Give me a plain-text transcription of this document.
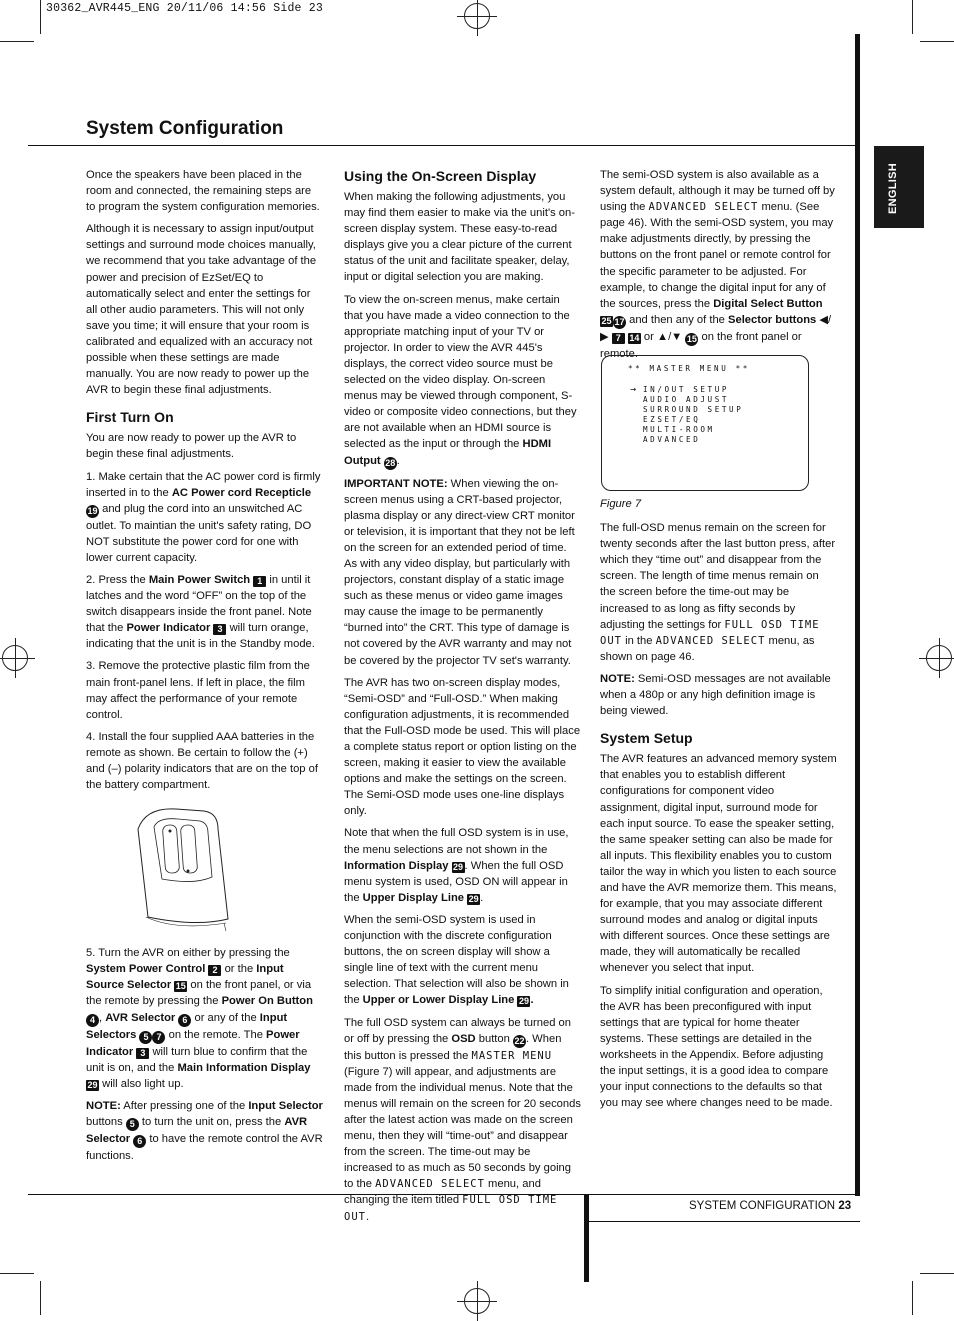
30362_AVR445_ENG 20/11/06 14:56 Side 23
System Configuration
ENGLISH

Once the speakers have been placed in the room and connected, the remaining steps are to program the system configuration memories.

Although it is necessary to assign input/output settings and surround mode choices manually, we recommend that you take advantage of the power and precision of EzSet/EQ to automatically select and enter the settings for all other audio parameters. This will not only save you time; it will ensure that your room is calibrated and equalized with an accuracy not possible when these settings are made manually. You are now ready to power up the AVR to begin these final adjustments.

First Turn On

You are now ready to power up the AVR to begin these final adjustments.

1. Make certain that the AC power cord is firmly inserted in to the AC Power cord Recepticle 19 and plug the cord into an unswitched AC outlet. To maintian the unit's safety rating, DO NOT substitute the power cord for one with lower current capacity.

2. Press the Main Power Switch 1 in until it latches and the word “OFF” on the top of the switch disappears inside the front panel. Note that the Power Indicator 3 will turn orange, indicating that the unit is in the Standby mode.

3. Remove the protective plastic film from the main front-panel lens. If left in place, the film may affect the performance of your remote control.

4. Install the four supplied AAA batteries in the remote as shown. Be certain to follow the (+) and (–) polarity indicators that are on the top of the battery compartment.

5. Turn the AVR on either by pressing the System Power Control 2 or the Input Source Selector 15 on the front panel, or via the remote by pressing the Power On Button 4 , AVR Selector 6 or any of the Input Selectors 5 7 on the remote. The Power Indicator 3 will turn blue to confirm that the unit is on, and the Main Information Display 29 will also light up.

NOTE: After pressing one of the Input Selector buttons 5 to turn the unit on, press the AVR Selector 6 to have the remote control the AVR functions.

Using the On-Screen Display

When making the following adjustments, you may find them easier to make via the unit's on-screen display system. These easy-to-read displays give you a clear picture of the current status of the unit and facilitate speaker, delay, input or digital selection you are making.

To view the on-screen menus, make certain that you have made a video connection to the appropriate matching input of your TV or projector. In order to view the AVR 445's displays, the correct video source must be selected on the video display. On-screen menus may be viewed through component, S-video or composite video connections, but they are not available when an HDMI source is selected as the input or through the HDMI Output 28 .

IMPORTANT NOTE: When viewing the on-screen menus using a CRT-based projector, plasma display or any direct-view CRT monitor or television, it is important that they not be left on the screen for an extended period of time. As with any video display, but particularly with projectors, constant display of a static image such as these menus or video game images may cause the image to be permanently “burned into” the CRT. This type of damage is not covered by the AVR warranty and may not be covered by the projector TV set's warranty.

The AVR has two on-screen display modes, “Semi-OSD” and “Full-OSD.” When making configuration adjustments, it is recommended that the Full-OSD mode be used. This will place a complete status report or option listing on the screen, making it easier to view the available options and make the settings on the screen. The Semi-OSD mode uses one-line displays only.

Note that when the full OSD system is in use, the menu selections are not shown in the Information Display 29 . When the full OSD menu system is used, OSD ON will appear in the Upper Display Line 29 .

When the semi-OSD system is used in conjunction with the discrete configuration buttons, the on screen display will show a single line of text with the current menu selection. That selection will also be shown in the Upper or Lower Display Line 29 .

The full OSD system can always be turned on or off by pressing the OSD button 22 . When this button is pressed the MASTER MENU (Figure 7) will appear, and adjustments are made from the individual menus. Note that the menus will remain on the screen for 20 seconds after the latest action was made on the screen menu, then they will “time-out” and disappear from the screen. The time-out may be increased to as much as 50 seconds by going to the ADVANCED SELECT menu, and changing the item titled FULL OSD TIME OUT.

The semi-OSD system is also available as a system default, although it may be turned off by using the ADVANCED SELECT menu. (See page 46). With the semi-OSD system, you may make adjustments directly, by pressing the buttons on the front panel or remote control for the specific parameter to be adjusted. For example, to change the digital input for any of the sources, press the Digital Select Button 25 17 and then any of the Selector buttons ◀/▶ 7 14 or ▲/▼ 15 on the front panel or remote.

** MASTER MENU **
→ IN/OUT SETUP
AUDIO ADJUST
SURROUND SETUP
EZSET/EQ
MULTI-ROOM
ADVANCED

Figure 7

The full-OSD menus remain on the screen for twenty seconds after the last button press, after which they “time out” and disappear from the screen. The length of time menus remain on the screen before the time-out may be increased to as long as fifty seconds by adjusting the settings for FULL OSD TIME OUT in the ADVANCED SELECT menu, as shown on page 46.

NOTE: Semi-OSD messages are not available when a 480p or any high definition image is being viewed.

System Setup

The AVR features an advanced memory system that enables you to establish different configurations for component video assignment, digital input, surround mode for each input source. To ease the speaker setting, the same speaker setting can also be made for all inputs. This flexibility enables you to custom tailor the way in which you listen to each source and have the AVR memorize them. This means, for example, that you may associate different surround modes and analog or digital inputs with different sources. Once these settings are made, they will automatically be recalled whenever you select that input.

To simplify initial configuration and operation, the AVR has been preconfigured with input settings that are typical for home theater systems. These settings are detailed in the worksheets in the Appendix. Before adjusting the input settings, it is a good idea to compare your input connections to the defaults so that you may see where changes need to be made.

SYSTEM CONFIGURATION 23
